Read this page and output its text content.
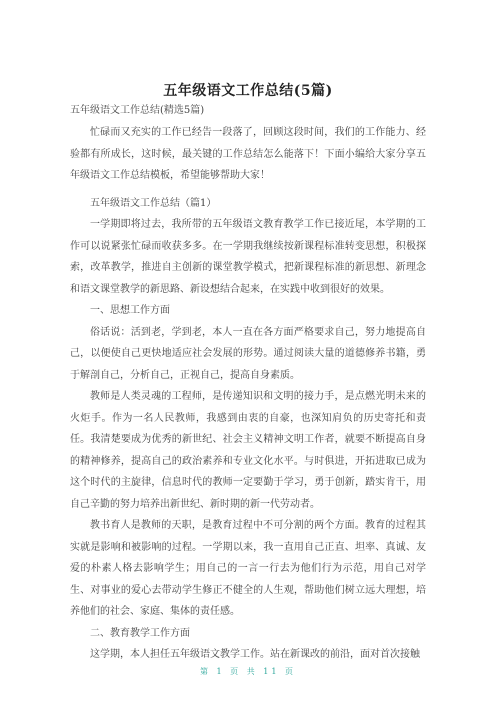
五年级语文工作总结(5篇)
五年级语文工作总结(精选5篇)

忙碌而又充实的工作已经告一段落了，回顾这段时间，我们的工作能力、经验都有所成长，这时候，最关键的工作总结怎么能落下！下面小编给大家分享五年级语文工作总结模板，希望能够帮助大家！

五年级语文工作总结（篇1）

一学期即将过去，我所带的五年级语文教育教学工作已接近尾，本学期的工作可以说紧张忙碌而收获多多。在一学期我继续按新课程标准转变思想，积极探索，改革教学，推进自主创新的课堂教学模式，把新课程标准的新思想、新理念和语文课堂教学的新思路、新设想结合起来，在实践中收到很好的效果。

一、思想工作方面

俗话说：活到老，学到老，本人一直在各方面严格要求自己，努力地提高自己，以便使自己更快地适应社会发展的形势。通过阅读大量的道德修养书籍，勇于解剖自己，分析自己，正视自己，提高自身素质。

教师是人类灵魂的工程师，是传递知识和文明的接力手，是点燃光明未来的火炬手。作为一名人民教师，我感到由衷的自豪，也深知肩负的历史寄托和责任。我清楚要成为优秀的新世纪、社会主义精神文明工作者，就要不断提高自身的精神修养，提高自己的政治素养和专业文化水平。与时俱进，开拓进取已成为这个时代的主旋律，信息时代的教师一定要勤于学习，勇于创新，踏实肯干，用自己辛勤的努力培养出新世纪、新时期的新一代劳动者。

教书育人是教师的天职，是教育过程中不可分割的两个方面。教育的过程其实就是影响和被影响的过程。一学期以来，我一直用自己正直、坦率、真诚、友爱的朴素人格去影响学生；用自己的一言一行去为他们行为示范，用自己对学生、对事业的爱心去带动学生修正不健全的人生观，帮助他们树立远大理想，培养他们的社会、家庭、集体的责任感。

二、教育教学工作方面

这学期，本人担任五年级语文教学工作。站在新课改的前沿，面对首次接触

第 1 页 共 11 页
